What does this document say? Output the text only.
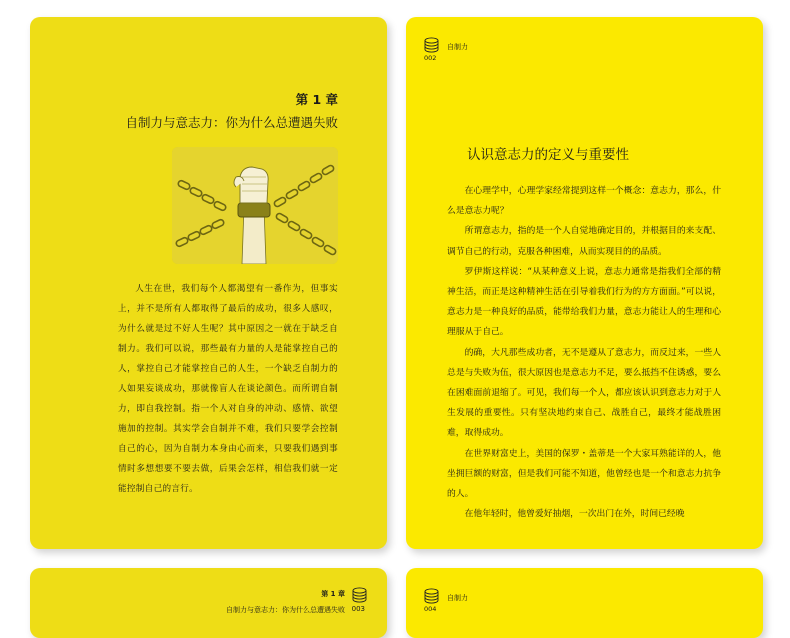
第 1 章
自制力与意志力：你为什么总遭遇失败

人生在世，我们每个人都渴望有一番作为，但事实上，并不是所有人都取得了最后的成功，很多人感叹，为什么就是过不好人生呢？其中原因之一就在于缺乏自制力。我们可以说，那些最有力量的人是能掌控自己的人，掌控自己才能掌控自己的人生，一个缺乏自制力的人如果妄谈成功，那就像盲人在谈论颜色。而所谓自制力，即自我控制。指一个人对自身的冲动、感情、欲望施加的控制。其实学会自制并不难，我们只要学会控制自己的心，因为自制力本身由心而来，只要我们遇到事情时多想想要不要去做，后果会怎样，相信我们就一定能控制自己的言行。

002
自制力
认识意志力的定义与重要性

在心理学中，心理学家经常提到这样一个概念：意志力，那么，什么是意志力呢？

所谓意志力，指的是一个人自觉地确定目的，并根据目的来支配、调节自己的行动，克服各种困难，从而实现目的的品质。

罗伊斯这样说：“从某种意义上说，意志力通常是指我们全部的精神生活，而正是这种精神生活在引导着我们行为的方方面面。”可以说，意志力是一种良好的品质，能带给我们力量，意志力能让人的生理和心理服从于自己。

的确，大凡那些成功者，无不是遵从了意志力，而反过来，一些人总是与失败为伍，很大原因也是意志力不足，要么抵挡不住诱惑，要么在困难面前退缩了。可见，我们每一个人，都应该认识到意志力对于人生发展的重要性。只有坚决地约束自己、战胜自己，最终才能战胜困难，取得成功。

在世界财富史上，美国的保罗・盖蒂是一个大家耳熟能详的人，他坐拥巨额的财富，但是我们可能不知道，他曾经也是一个和意志力抗争的人。

在他年轻时，他曾爱好抽烟，一次出门在外，时间已经晚

第 1 章
自制力与意志力：你为什么总遭遇失败 003	004
自制力
